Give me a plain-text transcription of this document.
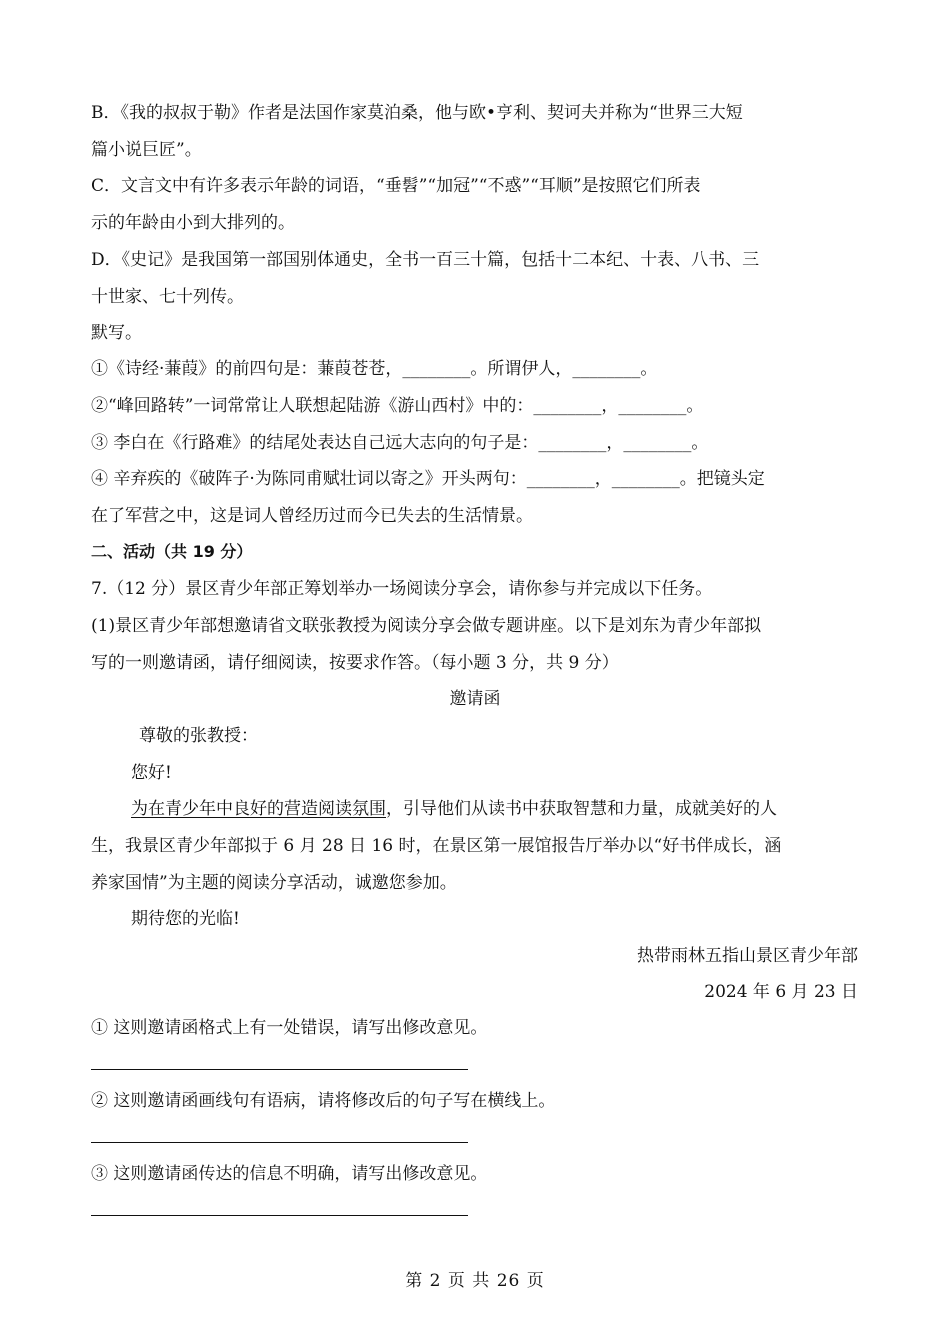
B．《我的叔叔于勒》作者是法国作家莫泊桑，他与欧•亨利、契诃夫并称为“世界三大短
篇小说巨匠”。
C．文言文中有许多表示年龄的词语，“垂髫”“加冠”“不惑”“耳顺”是按照它们所表
示的年龄由小到大排列的。
D．《史记》是我国第一部国别体通史，全书一百三十篇，包括十二本纪、十表、八书、三
十世家、七十列传。
默写。
①《诗经·蒹葭》的前四句是：蒹葭苍苍，________。所谓伊人，________。
②“峰回路转”一词常常让人联想起陆游《游山西村》中的：________，________。
③ 李白在《行路难》的结尾处表达自己远大志向的句子是：________，________。
④ 辛弃疾的《破阵子·为陈同甫赋壮词以寄之》开头两句：________，________。把镜头定
在了军营之中，这是词人曾经历过而今已失去的生活情景。
二、活动（共 19 分）
7.（12 分）景区青少年部正筹划举办一场阅读分享会，请你参与并完成以下任务。
(1)景区青少年部想邀请省文联张教授为阅读分享会做专题讲座。以下是刘东为青少年部拟
写的一则邀请函，请仔细阅读，按要求作答。（每小题 3 分，共 9 分）
邀请函
尊敬的张教授：
您好!
为在青少年中良好的营造阅读氛围，引导他们从读书中获取智慧和力量，成就美好的人
生，我景区青少年部拟于 6 月 28 日 16 时，在景区第一展馆报告厅举办以“好书伴成长，涵
养家国情”为主题的阅读分享活动，诚邀您参加。
期待您的光临!
热带雨林五指山景区青少年部
2024 年 6 月 23 日
① 这则邀请函格式上有一处错误，请写出修改意见。
② 这则邀请函画线句有语病，请将修改后的句子写在横线上。
③ 这则邀请函传达的信息不明确，请写出修改意见。
第 2 页 共 26 页
